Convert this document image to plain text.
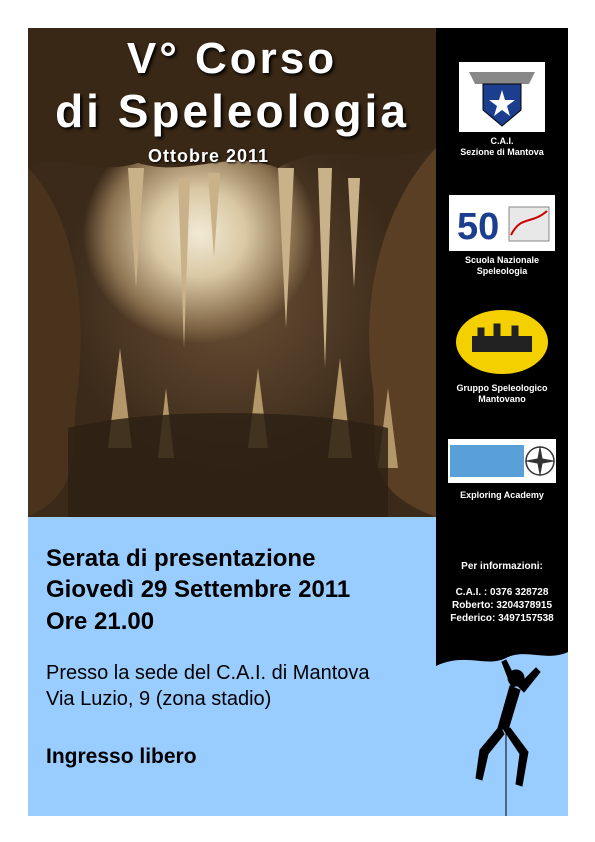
V° Corso
di Speleologia
Ottobre 2011
C.A.I.
Sezione di Mantova
50
Scuola Nazionale
Speleologia
Gruppo Speleologico
Mantovano
Exploring Academy
Serata di presentazione
Giovedì 29 Settembre 2011
Ore 21.00
Presso la sede del C.A.I. di Mantova
Via Luzio, 9 (zona stadio)
Ingresso libero
Per informazioni:
C.A.I. : 0376 328728
Roberto: 3204378915
Federico: 3497157538
